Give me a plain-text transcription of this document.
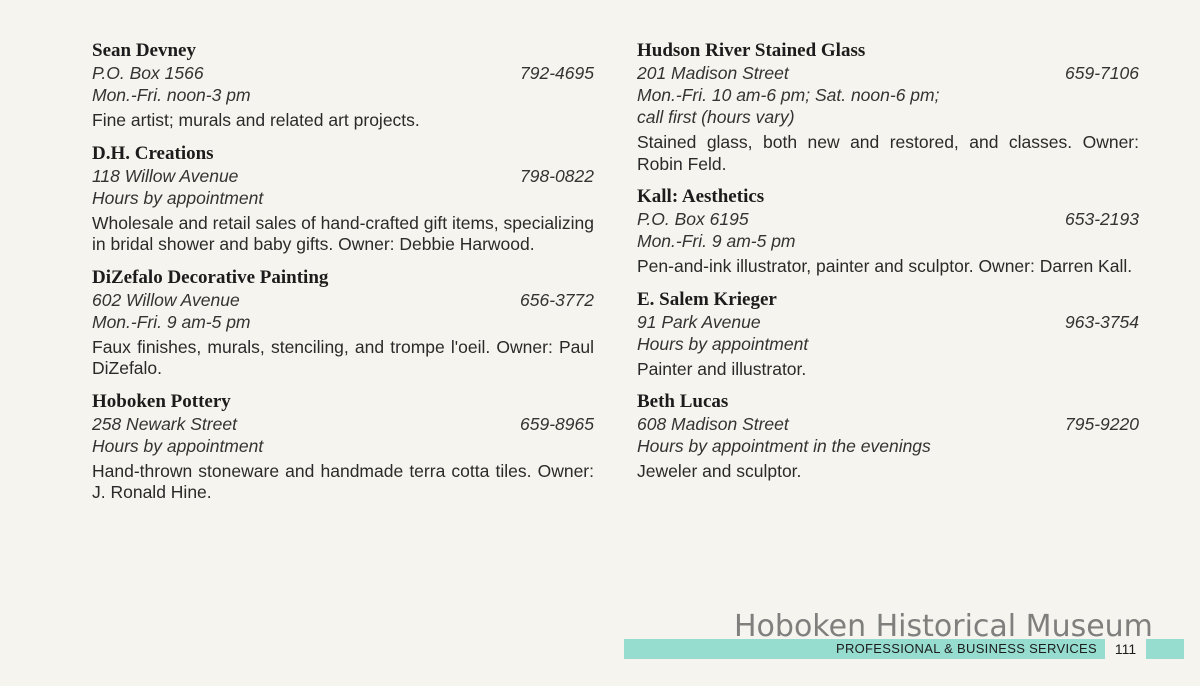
Sean Devney
P.O. Box 1566	792-4695
Mon.-Fri. noon-3 pm
Fine artist; murals and related art projects.
D.H. Creations
118 Willow Avenue	798-0822
Hours by appointment
Wholesale and retail sales of hand-crafted gift items, specializing in bridal shower and baby gifts. Owner: Debbie Harwood.
DiZefalo Decorative Painting
602 Willow Avenue	656-3772
Mon.-Fri. 9 am-5 pm
Faux finishes, murals, stenciling, and trompe l'oeil. Owner: Paul DiZefalo.
Hoboken Pottery
258 Newark Street	659-8965
Hours by appointment
Hand-thrown stoneware and handmade terra cotta tiles. Owner: J. Ronald Hine.
Hudson River Stained Glass
201 Madison Street	659-7106
Mon.-Fri. 10 am-6 pm; Sat. noon-6 pm;
call first (hours vary)
Stained glass, both new and restored, and classes. Owner: Robin Feld.
Kall: Aesthetics
P.O. Box 6195	653-2193
Mon.-Fri. 9 am-5 pm
Pen-and-ink illustrator, painter and sculptor. Owner: Darren Kall.
E. Salem Krieger
91 Park Avenue	963-3754
Hours by appointment
Painter and illustrator.
Beth Lucas
608 Madison Street	795-9220
Hours by appointment in the evenings
Jeweler and sculptor.
Hoboken Historical Museum
PROFESSIONAL & BUSINESS SERVICES	111
